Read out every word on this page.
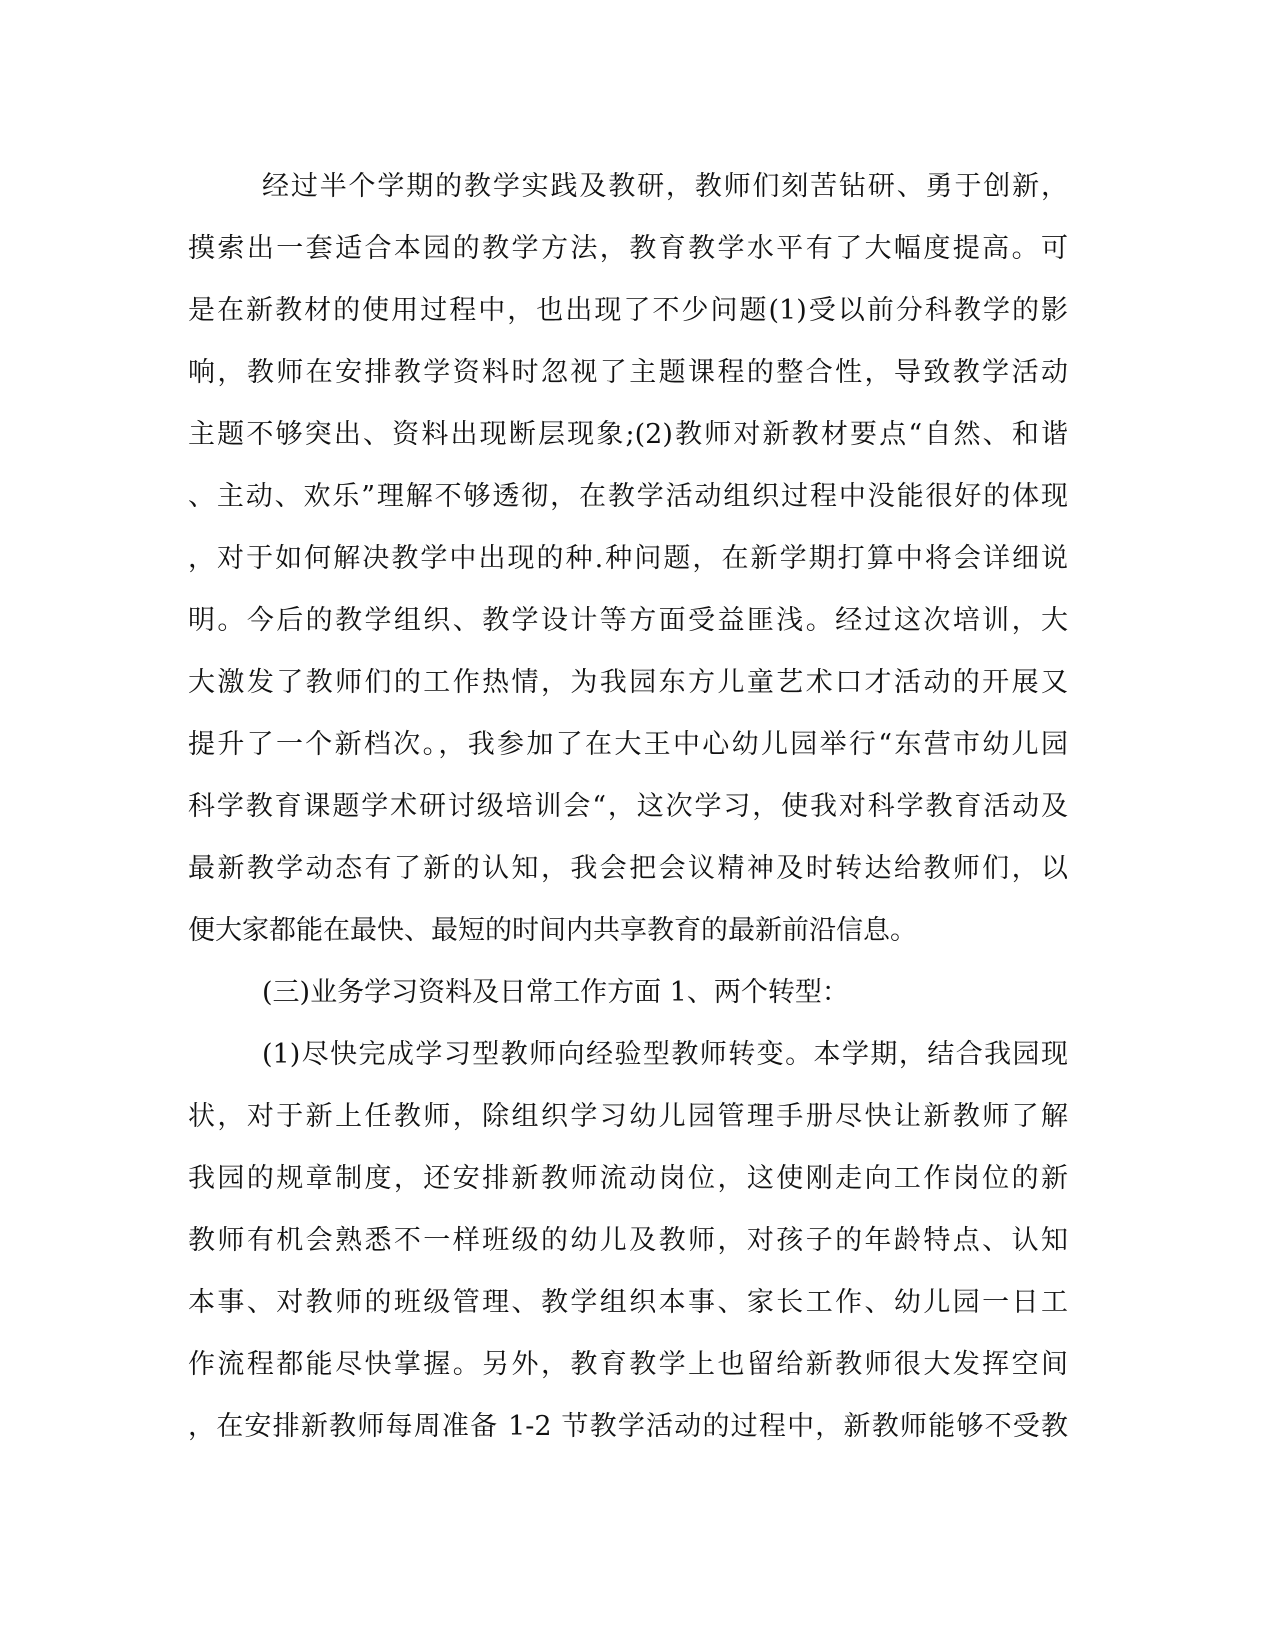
经过半个学期的教学实践及教研，教师们刻苦钻研、勇于创新，
摸索出一套适合本园的教学方法，教育教学水平有了大幅度提高。可
是在新教材的使用过程中，也出现了不少问题(1)受以前分科教学的影
响，教师在安排教学资料时忽视了主题课程的整合性，导致教学活动
主题不够突出、资料出现断层现象;(2)教师对新教材要点“自然、和谐
、主动、欢乐”理解不够透彻，在教学活动组织过程中没能很好的体现
，对于如何解决教学中出现的种.种问题，在新学期打算中将会详细说
明。今后的教学组织、教学设计等方面受益匪浅。经过这次培训，大
大激发了教师们的工作热情，为我园东方儿童艺术口才活动的开展又
提升了一个新档次。，我参加了在大王中心幼儿园举行“东营市幼儿园
科学教育课题学术研讨级培训会“，这次学习，使我对科学教育活动及
最新教学动态有了新的认知，我会把会议精神及时转达给教师们，以
便大家都能在最快、最短的时间内共享教育的最新前沿信息。
(三)业务学习资料及日常工作方面 1、两个转型：
(1)尽快完成学习型教师向经验型教师转变。本学期，结合我园现
状，对于新上任教师，除组织学习幼儿园管理手册尽快让新教师了解
我园的规章制度，还安排新教师流动岗位，这使刚走向工作岗位的新
教师有机会熟悉不一样班级的幼儿及教师，对孩子的年龄特点、认知
本事、对教师的班级管理、教学组织本事、家长工作、幼儿园一日工
作流程都能尽快掌握。另外，教育教学上也留给新教师很大发挥空间
，在安排新教师每周准备 1-2 节教学活动的过程中，新教师能够不受教
